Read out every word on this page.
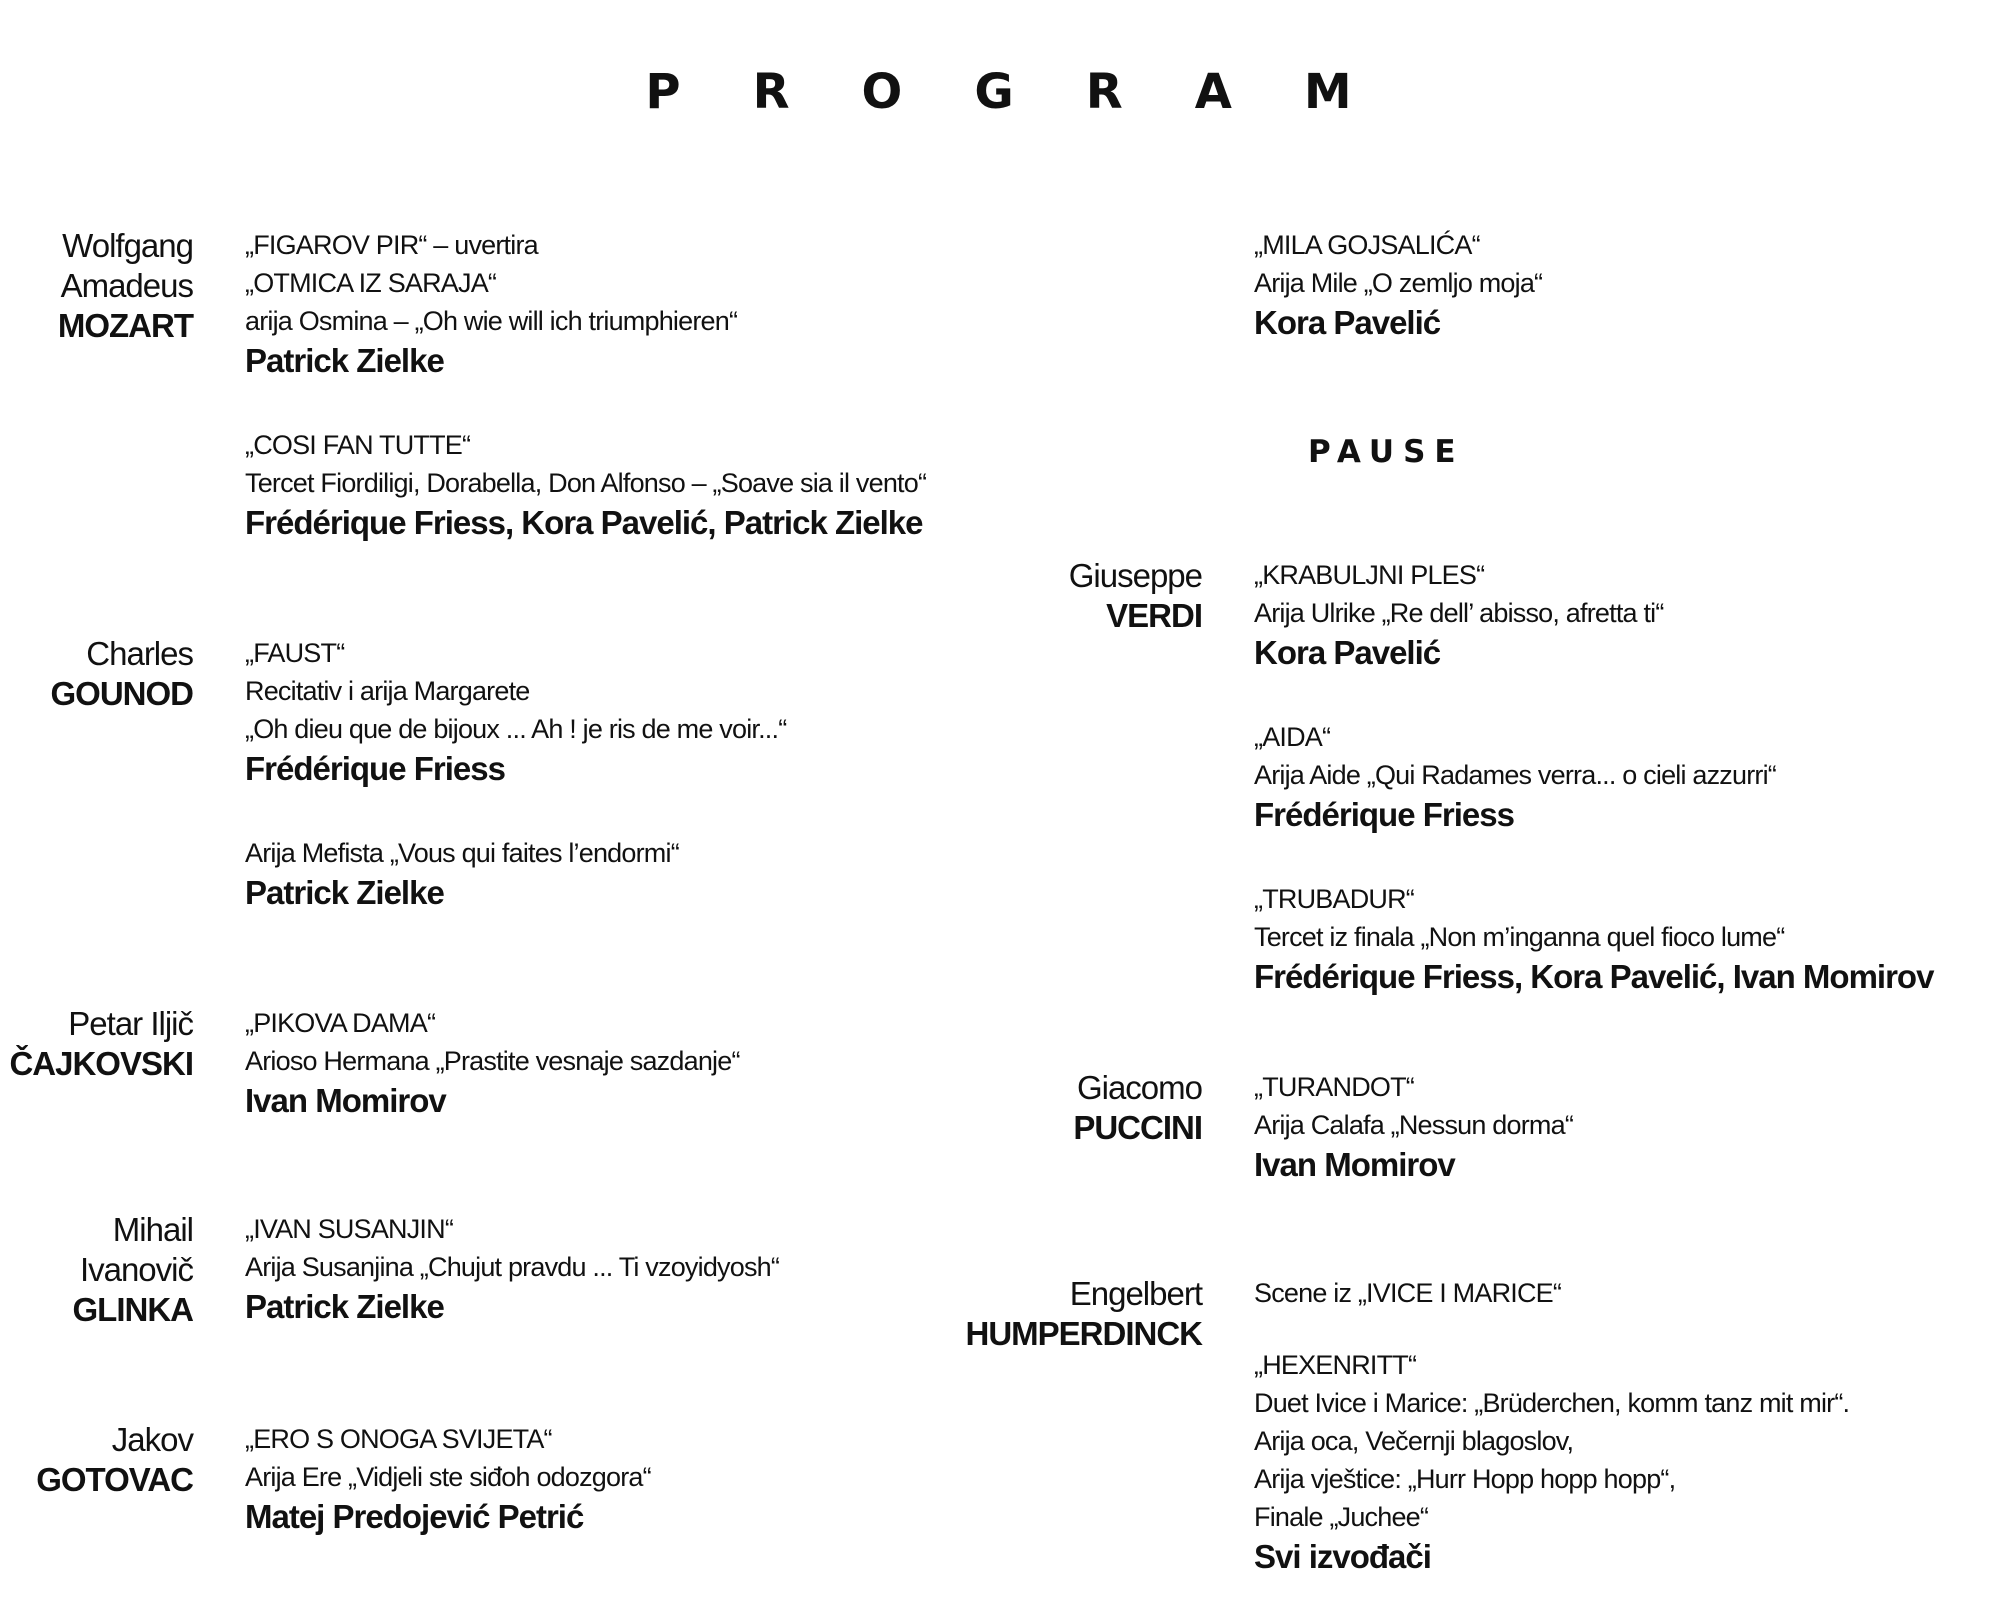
PROGRAM
Wolfgang
Amadeus
MOZART
„FIGAROV PIR“ – uvertira
„OTMICA IZ SARAJA“
arija Osmina – „Oh wie will ich triumphieren“
Patrick Zielke
„COSI FAN TUTTE“
Tercet Fiordiligi, Dorabella, Don Alfonso – „Soave sia il vento“
Frédérique Friess, Kora Pavelić, Patrick Zielke
Charles
GOUNOD
„FAUST“
Recitativ i arija Margarete
„Oh dieu que de bijoux ... Ah ! je ris de me voir...“
Frédérique Friess
Arija Mefista „Vous qui faites l’endormi“
Patrick Zielke
Petar Iljič
ČAJKOVSKI
„PIKOVA DAMA“
Arioso Hermana „Prastite vesnaje sazdanje“
Ivan Momirov
Mihail
Ivanovič
GLINKA
„IVAN SUSANJIN“
Arija Susanjina „Chujut pravdu ... Ti vzoyidyosh“
Patrick Zielke
Jakov
GOTOVAC
„ERO S ONOGA SVIJETA“
Arija Ere „Vidjeli ste siđoh odozgora“
Matej Predojević Petrić
„MILA GOJSALIĆA“
Arija Mile „O zemljo moja“
Kora Pavelić
PAUSE
Giuseppe
VERDI
„KRABULJNI PLES“
Arija Ulrike „Re dell’ abisso, afretta ti“
Kora Pavelić
„AIDA“
Arija Aide „Qui Radames verra... o cieli azzurri“
Frédérique Friess
„TRUBADUR“
Tercet iz finala „Non m’inganna quel fioco lume“
Frédérique Friess, Kora Pavelić, Ivan Momirov
Giacomo
PUCCINI
„TURANDOT“
Arija Calafa „Nessun dorma“
Ivan Momirov
Engelbert
HUMPERDINCK
Scene iz „IVICE I MARICE“
„HEXENRITT“
Duet Ivice i Marice: „Brüderchen, komm tanz mit mir“.
Arija oca, Večernji blagoslov,
Arija vještice: „Hurr Hopp hopp hopp“,
Finale „Juchee“
Svi izvođači
